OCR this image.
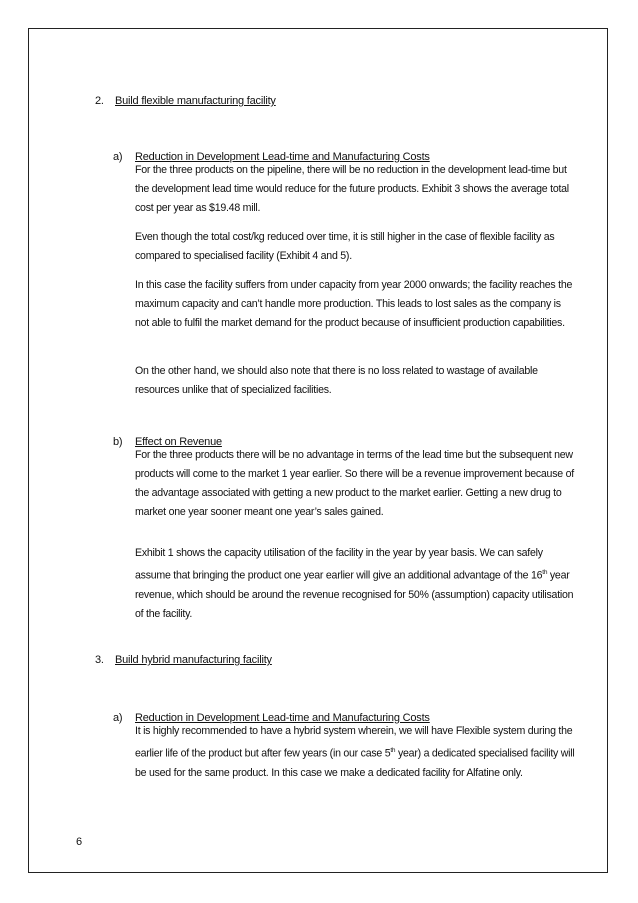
2. Build flexible manufacturing facility
a) Reduction in Development Lead-time and Manufacturing Costs

For the three products on the pipeline, there will be no reduction in the development lead-time but the development lead time would reduce for the future products. Exhibit 3 shows the average total cost per year as $19.48 mill.

Even though the total cost/kg reduced over time, it is still higher in the case of flexible facility as compared to specialised facility (Exhibit 4 and 5).

In this case the facility suffers from under capacity from year 2000 onwards; the facility reaches the maximum capacity and can’t handle more production. This leads to lost sales as the company is not able to fulfil the market demand for the product because of insufficient production capabilities.

On the other hand, we should also note that there is no loss related to wastage of available resources unlike that of specialized facilities.

b) Effect on Revenue

For the three products there will be no advantage in terms of the lead time but the subsequent new products will come to the market 1 year earlier. So there will be a revenue improvement because of the advantage associated with getting a new product to the market earlier. Getting a new drug to market one year sooner meant one year’s sales gained.

Exhibit 1 shows the capacity utilisation of the facility in the year by year basis. We can safely assume that bringing the product one year earlier will give an additional advantage of the 16th year revenue, which should be around the revenue recognised for 50% (assumption) capacity utilisation of the facility.

3. Build hybrid manufacturing facility
a) Reduction in Development Lead-time and Manufacturing Costs

It is highly recommended to have a hybrid system wherein, we will have Flexible system during the earlier life of the product but after few years (in our case 5th year) a dedicated specialised facility will be used for the same product. In this case we make a dedicated facility for Alfatine only.

6
